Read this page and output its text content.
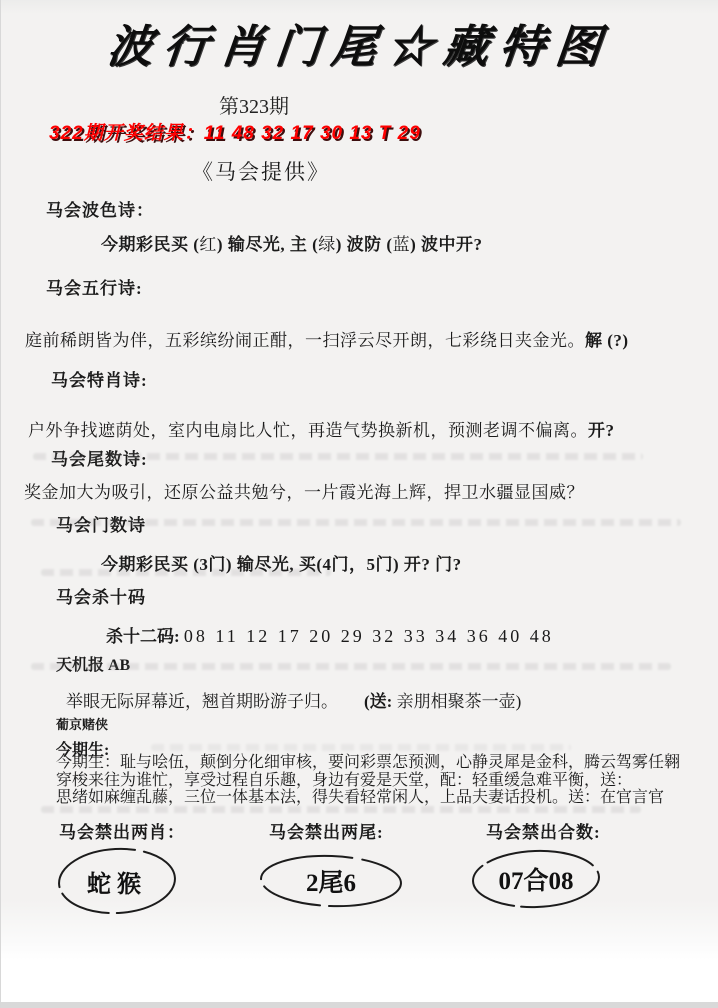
波行肖门尾☆藏特图
第323期
322期开奖结果：11 48 32 17 30 13 T 29
《马会提供》
马会波色诗：
今期彩民买 (红) 输尽光, 主 (绿) 波防 (蓝) 波中开?
马会五行诗:
庭前稀朗皆为伴，五彩缤纷闹正酣，一扫浮云尽开朗，七彩绕日夹金光。解 (?)
马会特肖诗:
户外争找遮荫处，室内电扇比人忙，再造气势换新机，预测老调不偏离。开?
马会尾数诗:
奖金加大为吸引，还原公益共勉兮，一片霞光海上辉，捍卫水疆显国威？
马会门数诗
今期彩民买 (3门) 输尽光, 买(4门，5门) 开? 门?
马会杀十码
杀十二码: 08 11 12 17 20 29 32 33 34 36 40 48
天机报 AB
举眼无际屏幕近，翘首期盼游子归。 (送: 亲朋相聚茶一壶)
葡京赌侠
今期生:
今期生：耻与哙伍，颠倒分化细审核，要问彩票怎预测，心静灵犀是金科，腾云驾雾任翱
穿梭来往为谁忙，享受过程自乐趣，身边有爱是天堂，配：轻重缓急难平衡，送：
思绪如麻缠乱藤，三位一体基本法，得失看轻常闲人，上品夫妻话投机。送：在官言官
马会禁出两肖：	马会禁出两尾:	马会禁出合数:
蛇猴	2尾6	07合08
